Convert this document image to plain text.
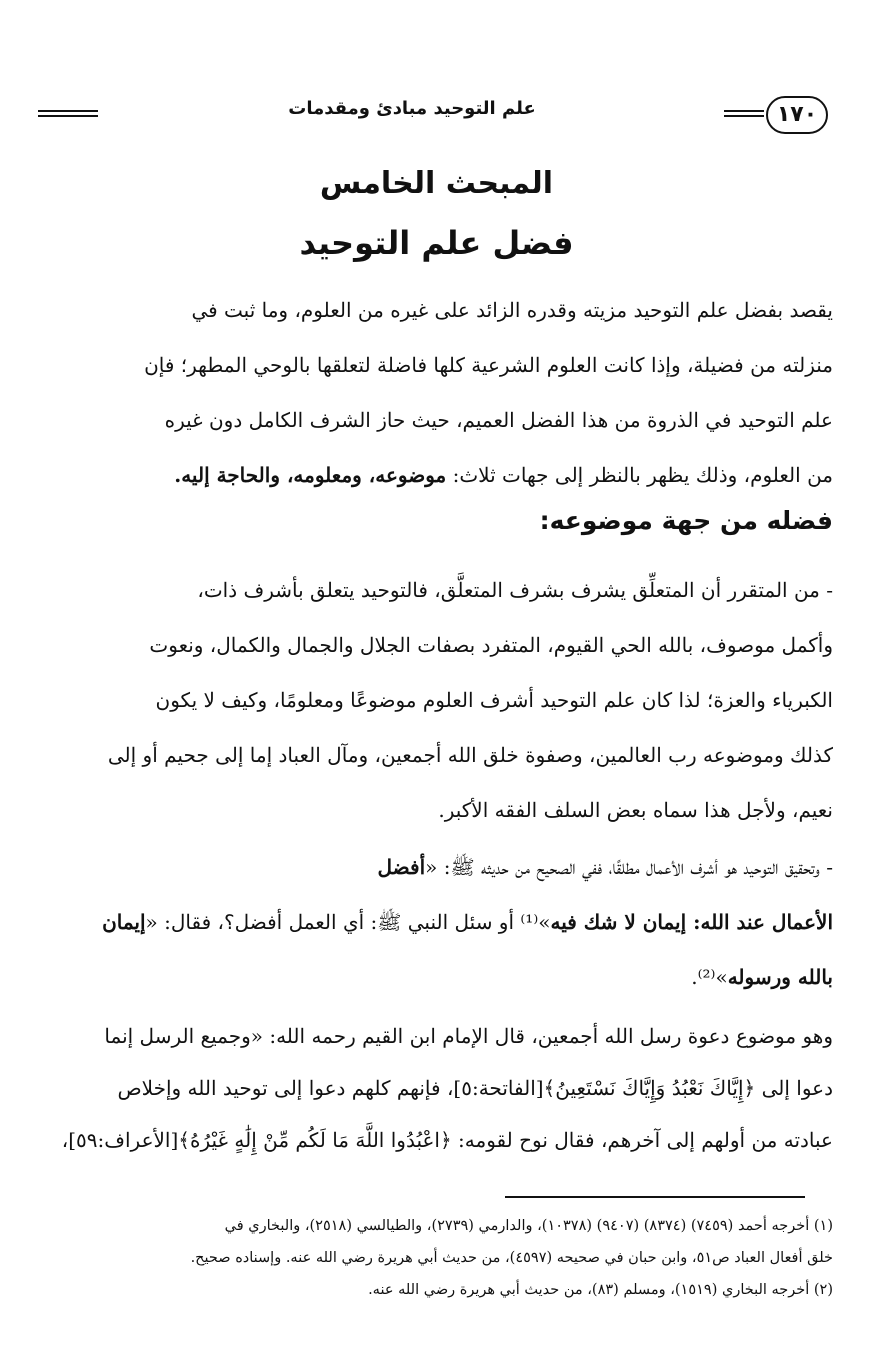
١٧٠
علم التوحيد مبادئ ومقدمات
المبحث الخامس
فضل علم التوحيد
يقصد بفضل علم التوحيد مزيته وقدره الزائد على غيره من العلوم، وما ثبت في
منزلته من فضيلة، وإذا كانت العلوم الشرعية كلها فاضلة لتعلقها بالوحي المطهر؛ فإن
علم التوحيد في الذروة من هذا الفضل العميم، حيث حاز الشرف الكامل دون غيره
من العلوم، وذلك يظهر بالنظر إلى جهات ثلاث: موضوعه، ومعلومه، والحاجة إليه.
فضله من جهة موضوعه:
- من المتقرر أن المتعلِّق يشرف بشرف المتعلَّق، فالتوحيد يتعلق بأشرف ذات،
وأكمل موصوف، بالله الحي القيوم، المتفرد بصفات الجلال والجمال والكمال، ونعوت
الكبرياء والعزة؛ لذا كان علم التوحيد أشرف العلوم موضوعًا ومعلومًا، وكيف لا يكون
كذلك وموضوعه رب العالمين، وصفوة خلق الله أجمعين، ومآل العباد إما إلى جحيم أو إلى
نعيم، ولأجل هذا سماه بعض السلف الفقه الأكبر.
- وتحقيق التوحيد هو أشرف الأعمال مطلقًا، ففي الصحيح من حديثه ﷺ: «أفضل
الأعمال عند الله: إيمان لا شك فيه»⁽¹⁾ أو سئل النبي ﷺ: أي العمل أفضل؟، فقال: «إيمان
بالله ورسوله»⁽²⁾.
وهو موضوع دعوة رسل الله أجمعين، قال الإمام ابن القيم رحمه الله: «وجميع الرسل إنما
دعوا إلى ﴿إِيَّاكَ نَعْبُدُ وَإِيَّاكَ نَسْتَعِينُ﴾[الفاتحة:٥]، فإنهم كلهم دعوا إلى توحيد الله وإخلاص
عبادته من أولهم إلى آخرهم، فقال نوح لقومه: ﴿اعْبُدُوا اللَّهَ مَا لَكُم مِّنْ إِلَٰهٍ غَيْرُهُ﴾[الأعراف:٥٩]،
(١) أخرجه أحمد (٧٤٥٩) (٨٣٧٤) (٩٤٠٧) (١٠٣٧٨)، والدارمي (٢٧٣٩)، والطيالسي (٢٥١٨)، والبخاري في
خلق أفعال العباد ص٥١، وابن حبان في صحيحه (٤٥٩٧)، من حديث أبي هريرة رضي الله عنه. وإسناده صحيح.
(٢) أخرجه البخاري (١٥١٩)، ومسلم (٨٣)، من حديث أبي هريرة رضي الله عنه.
